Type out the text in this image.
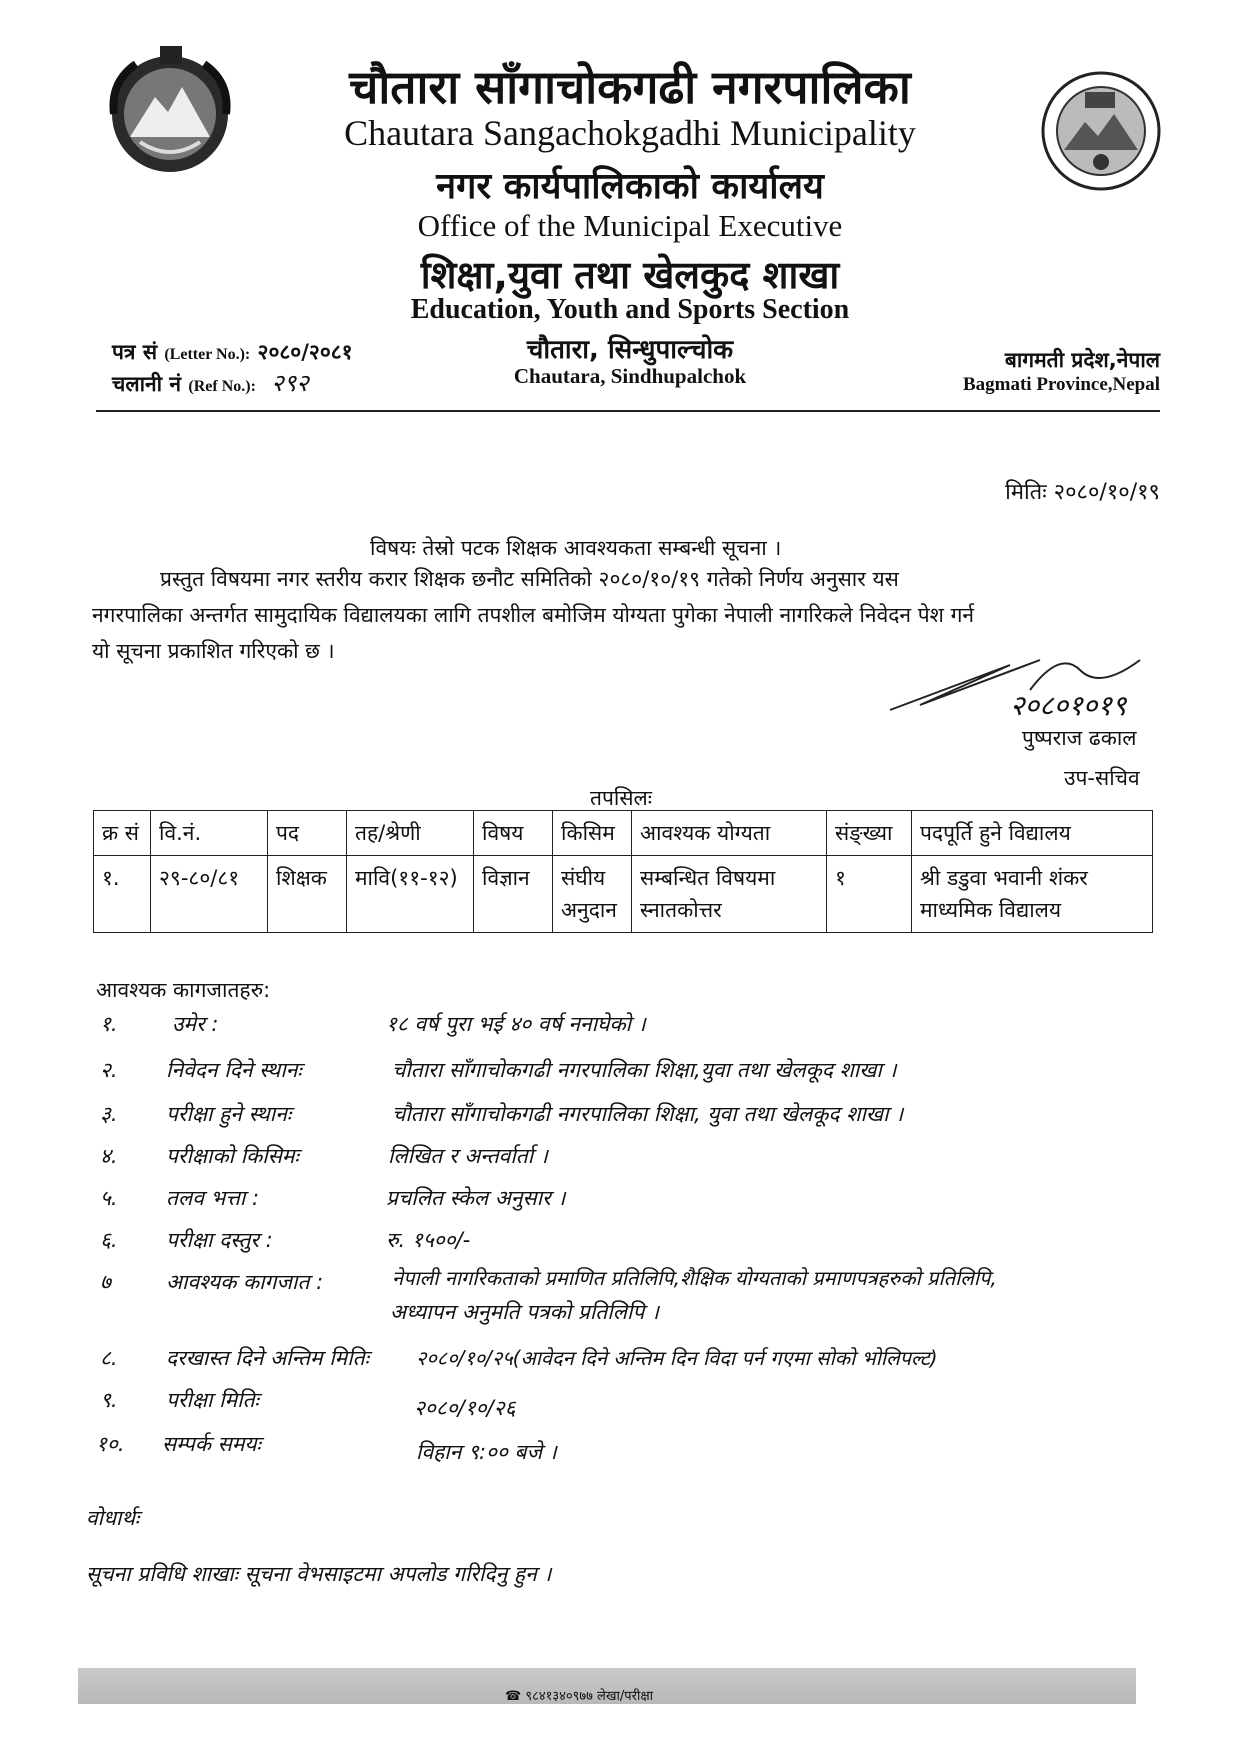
चौतारा साँगाचोकगढी नगरपालिका
Chautara Sangachokgadhi Municipality
नगर कार्यपालिकाको कार्यालय
Office of the Municipal Executive
शिक्षा,युवा तथा खेलकुद शाखा
Education, Youth and Sports Section
चौतारा, सिन्धुपाल्चोक
Chautara, Sindhupalchok
पत्र सं (Letter No.): २०८०/२०८१
चलानी नं (Ref No.): २९२
बागमती प्रदेश,नेपाल
Bagmati Province,Nepal
मितिः २०८०/१०/१९
विषयः तेस्रो पटक शिक्षक आवश्यकता सम्बन्धी सूचना ।
प्रस्तुत विषयमा नगर स्तरीय करार शिक्षक छनौट समितिको २०८०/१०/१९ गतेको निर्णय अनुसार यस
नगरपालिका अन्तर्गत सामुदायिक विद्यालयका लागि तपशील बमोजिम योग्यता पुगेका नेपाली नागरिकले निवेदन पेश गर्न
यो सूचना प्रकाशित गरिएको छ ।
२०८०१०१९
पुष्पराज ढकाल
उप-सचिव
तपसिलः
क्र सं	वि.नं.	पद	तह/श्रेणी	विषय	किसिम	आवश्यक योग्यता	संङ्ख्या	पदपूर्ति हुने विद्यालय
१.	२९-८०/८१	शिक्षक	मावि(११-१२)	विज्ञान	संघीय अनुदान	सम्बन्धित विषयमा स्नातकोत्तर	१	श्री डडुवा भवानी शंकर माध्यमिक विद्यालय
आवश्यक कागजातहरु:
१.	उमेर :	१८ वर्ष पुरा भई ४० वर्ष ननाघेको ।
२. निवेदन दिने स्थानः	चौतारा साँगाचोकगढी नगरपालिका शिक्षा,युवा तथा खेलकूद शाखा ।
३. परीक्षा हुने स्थानः	चौतारा साँगाचोकगढी नगरपालिका शिक्षा, युवा तथा खेलकूद शाखा ।
४. परीक्षाको किसिमः	लिखित र अन्तर्वार्ता ।
५. तलव भत्ता :	प्रचलित स्केल अनुसार ।
६. परीक्षा दस्तुर :	रु. १५००/-
७	आवश्यक कागजात :	नेपाली नागरिकताको प्रमाणित प्रतिलिपि,शैक्षिक योग्यताको प्रमाणपत्रहरुको प्रतिलिपि,
अध्यापन अनुमति पत्रको प्रतिलिपि ।
८. दरखास्त दिने अन्तिम मितिः २०८०/१०/२५(आवेदन दिने अन्तिम दिन विदा पर्न गएमा सोको भोलिपल्ट)
९. परीक्षा मितिः	२०८०/१०/२६
१०. सम्पर्क समयः	विहान ९:०० बजे ।
वोधार्थः
सूचना प्रविधि शाखाः सूचना वेभसाइटमा अपलोड गरिदिनु हुन ।
☎ ९८४१३४०९७७ लेखा/परीक्षा
